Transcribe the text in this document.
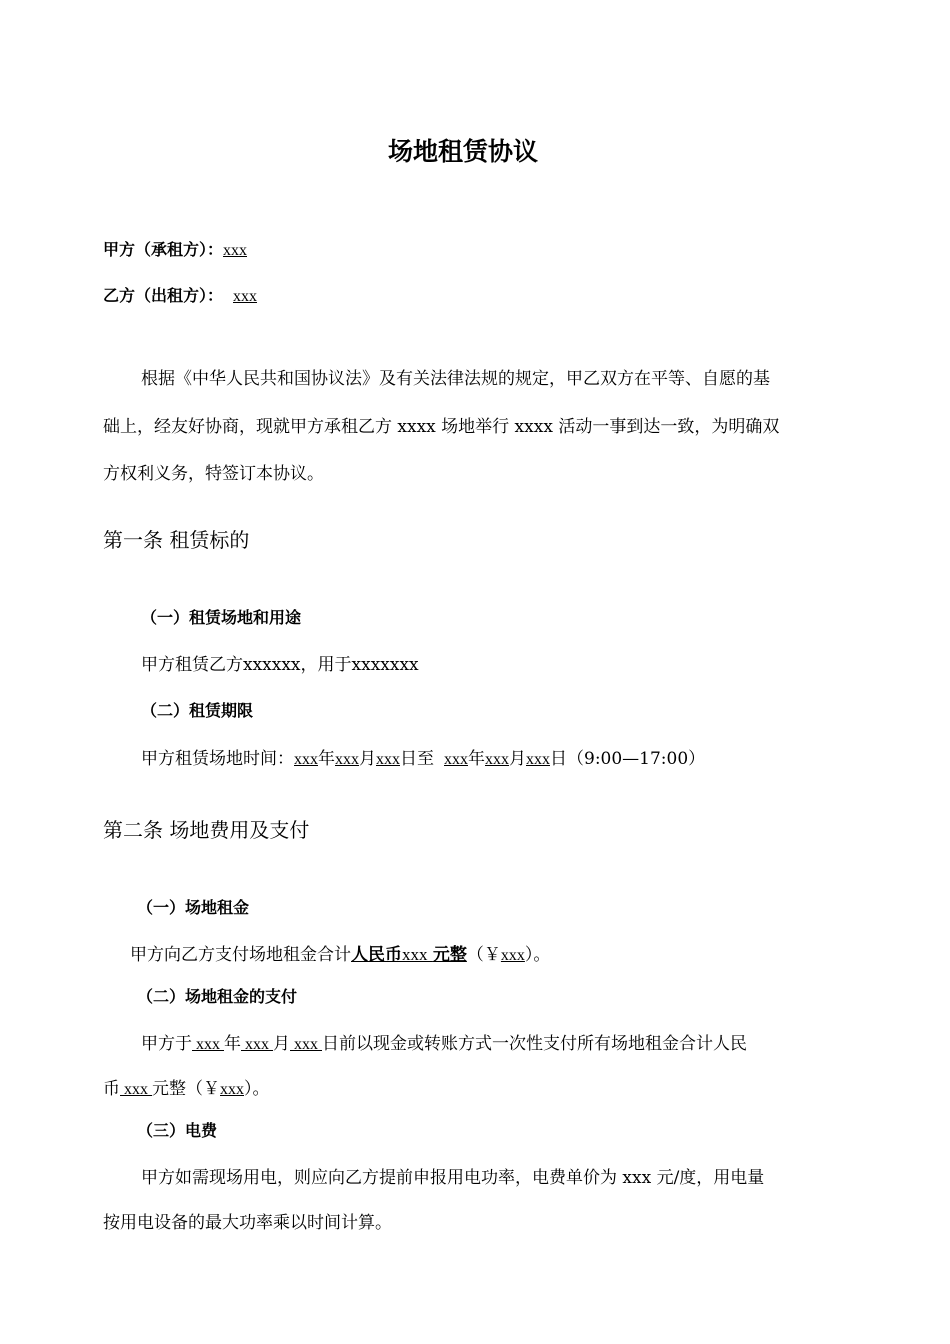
场地租赁协议
甲方（承租方）：xxx
乙方（出租方）： xxx
根据《中华人民共和国协议法》及有关法律法规的规定，甲乙双方在平等、自愿的基
础上，经友好协商，现就甲方承租乙方 xxxx 场地举行 xxxx 活动一事到达一致，为明确双
方权利义务，特签订本协议。
第一条 租赁标的
（一）租赁场地和用途
甲方租赁乙方xxxxxx，用于xxxxxxx
（二）租赁期限
甲方租赁场地时间：xxx年xxx月xxx日至 xxx年xxx月xxx日（9:00—17:00）
第二条 场地费用及支付
（一）场地租金
甲方向乙方支付场地租金合计人民币xxx 元整（￥xxx）。
（二）场地租金的支付
甲方于 xxx 年 xxx 月 xxx 日前以现金或转账方式一次性支付所有场地租金合计人民
币 xxx 元整（￥xxx）。
（三）电费
甲方如需现场用电，则应向乙方提前申报用电功率，电费单价为 xxx 元/度，用电量
按用电设备的最大功率乘以时间计算。
